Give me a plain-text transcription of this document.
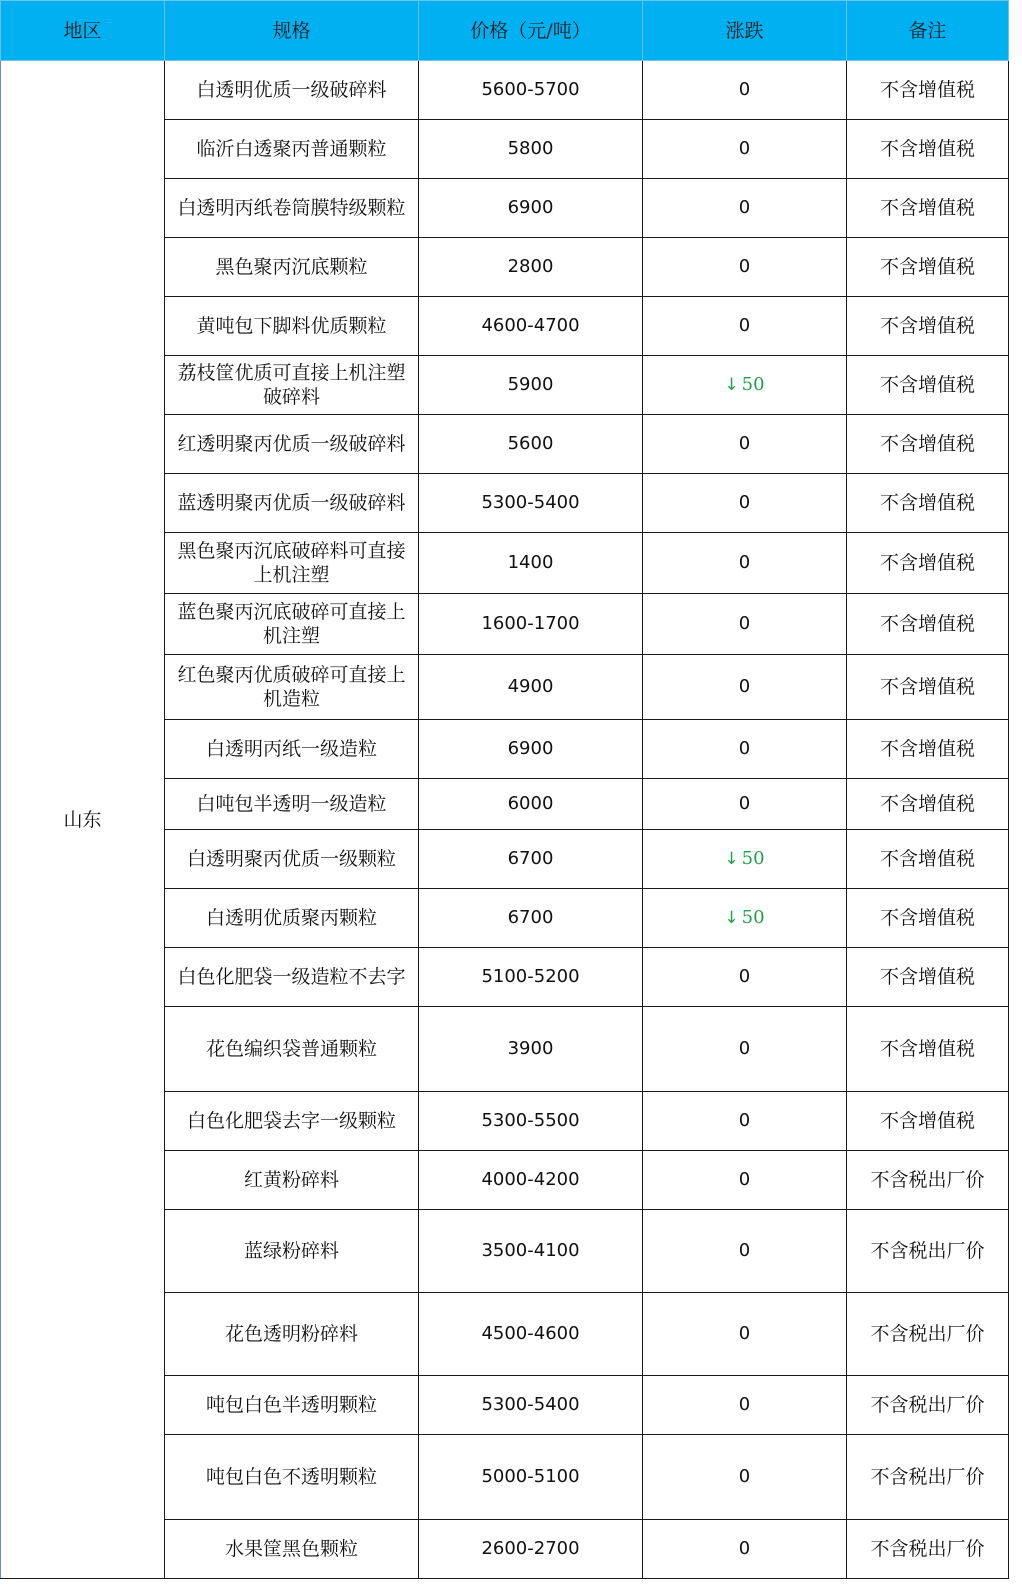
地区	规格	价格（元/吨）	涨跌	备注
山东	白透明优质一级破碎料	5600-5700	0	不含增值税
	临沂白透聚丙普通颗粒	5800	0	不含增值税
	白透明丙纸卷筒膜特级颗粒	6900	0	不含增值税
	黑色聚丙沉底颗粒	2800	0	不含增值税
	黄吨包下脚料优质颗粒	4600-4700	0	不含增值税
	荔枝筐优质可直接上机注塑破碎料	5900	↓ 50	不含增值税
	红透明聚丙优质一级破碎料	5600	0	不含增值税
	蓝透明聚丙优质一级破碎料	5300-5400	0	不含增值税
	黑色聚丙沉底破碎料可直接上机注塑	1400	0	不含增值税
	蓝色聚丙沉底破碎可直接上机注塑	1600-1700	0	不含增值税
	红色聚丙优质破碎可直接上机造粒	4900	0	不含增值税
	白透明丙纸一级造粒	6900	0	不含增值税
	白吨包半透明一级造粒	6000	0	不含增值税
	白透明聚丙优质一级颗粒	6700	↓ 50	不含增值税
	白透明优质聚丙颗粒	6700	↓ 50	不含增值税
	白色化肥袋一级造粒不去字	5100-5200	0	不含增值税
	花色编织袋普通颗粒	3900	0	不含增值税
	白色化肥袋去字一级颗粒	5300-5500	0	不含增值税
	红黄粉碎料	4000-4200	0	不含税出厂价
	蓝绿粉碎料	3500-4100	0	不含税出厂价
	花色透明粉碎料	4500-4600	0	不含税出厂价
	吨包白色半透明颗粒	5300-5400	0	不含税出厂价
	吨包白色不透明颗粒	5000-5100	0	不含税出厂价
	水果筐黑色颗粒	2600-2700	0	不含税出厂价
